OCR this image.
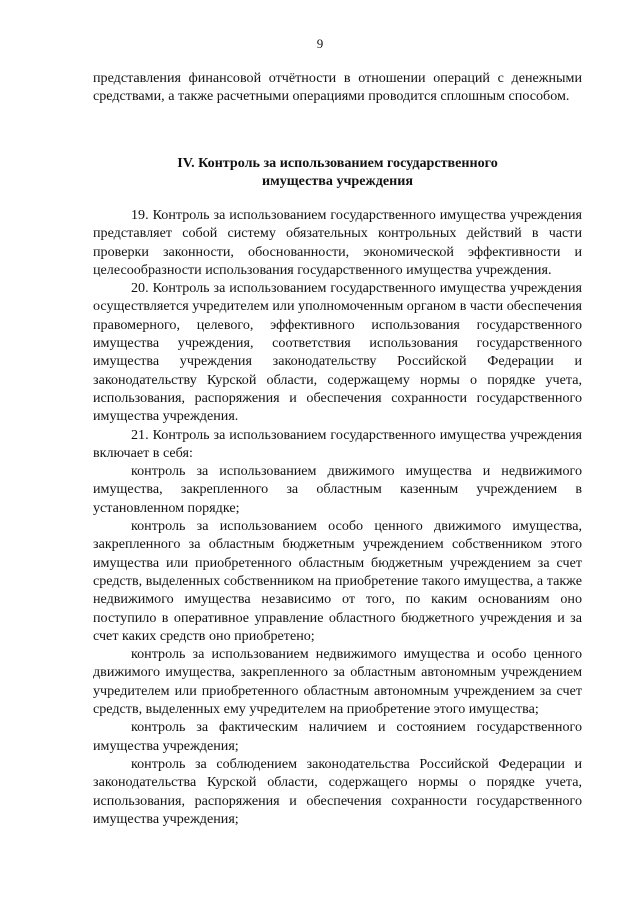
9

представления финансовой отчётности в отношении операций с денежными средствами, а также расчетными операциями проводится сплошным способом.

IV. Контроль за использованием государственного
имущества учреждения

19. Контроль за использованием государственного имущества учреждения представляет собой систему обязательных контрольных действий в части проверки законности, обоснованности, экономической эффективности и целесообразности использования государственного имущества учреждения.

20. Контроль за использованием государственного имущества учреждения осуществляется учредителем или уполномоченным органом в части обеспечения правомерного, целевого, эффективного использования государственного имущества учреждения, соответствия использования государственного имущества учреждения законодательству Российской Федерации и законодательству Курской области, содержащему нормы о порядке учета, использования, распоряжения и обеспечения сохранности государственного имущества учреждения.

21. Контроль за использованием государственного имущества учреждения включает в себя:

контроль за использованием движимого имущества и недвижимого имущества, закрепленного за областным казенным учреждением в установленном порядке;

контроль за использованием особо ценного движимого имущества, закрепленного за областным бюджетным учреждением собственником этого имущества или приобретенного областным бюджетным учреждением за счет средств, выделенных собственником на приобретение такого имущества, а также недвижимого имущества независимо от того, по каким основаниям оно поступило в оперативное управление областного бюджетного учреждения и за счет каких средств оно приобретено;

контроль за использованием недвижимого имущества и особо ценного движимого имущества, закрепленного за областным автономным учреждением учредителем или приобретенного областным автономным учреждением за счет средств, выделенных ему учредителем на приобретение этого имущества;

контроль за фактическим наличием и состоянием государственного имущества учреждения;

контроль за соблюдением законодательства Российской Федерации и законодательства Курской области, содержащего нормы о порядке учета, использования, распоряжения и обеспечения сохранности государственного имущества учреждения;
